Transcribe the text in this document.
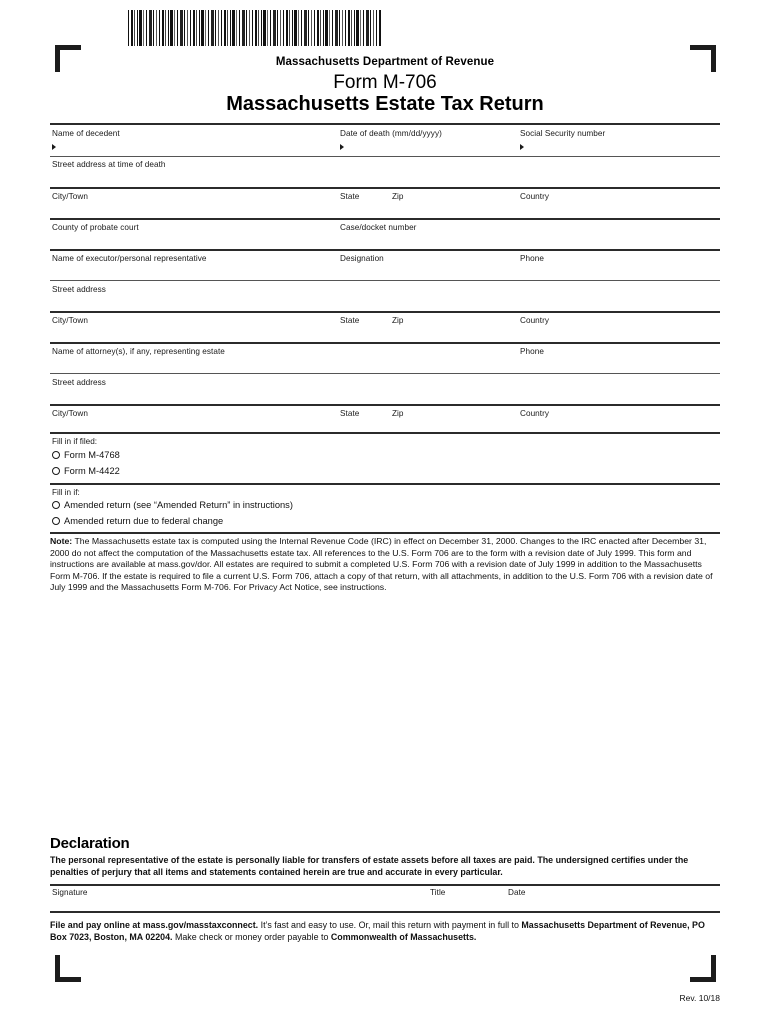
Massachusetts Department of Revenue
Form M-706
Massachusetts Estate Tax Return
Name of decedent	Date of death (mm/dd/yyyy)	Social Security number
Street address at time of death
City/Town	State	Zip	Country
County of probate court	Case/docket number
Name of executor/personal representative	Designation	Phone
Street address
City/Town	State	Zip	Country
Name of attorney(s), if any, representing estate	Phone
Street address
City/Town	State	Zip	Country
Fill in if filed:
Form M-4768
Form M-4422
Fill in if:
Amended return (see “Amended Return” in instructions)
Amended return due to federal change
Note: The Massachusetts estate tax is computed using the Internal Revenue Code (IRC) in effect on December 31, 2000. Changes to the IRC enacted after December 31, 2000 do not affect the computation of the Massachusetts estate tax. All references to the U.S. Form 706 are to the form with a revision date of July 1999. This form and instructions are available at mass.gov/dor. All estates are required to submit a completed U.S. Form 706 with a revision date of July 1999 in addition to the Massachusetts Form M-706. If the estate is required to file a current U.S. Form 706, attach a copy of that return, with all attachments, in addition to the U.S. Form 706 with a revision date of July 1999 and the Massachusetts Form M-706. For Privacy Act Notice, see instructions.
Declaration
The personal representative of the estate is personally liable for transfers of estate assets before all taxes are paid. The undersigned certifies under the penalties of perjury that all items and statements contained herein are true and accurate in every particular.
Signature	Title	Date
File and pay online at mass.gov/masstaxconnect. It’s fast and easy to use. Or, mail this return with payment in full to Massachusetts Department of Revenue, PO Box 7023, Boston, MA 02204. Make check or money order payable to Commonwealth of Massachusetts.
Rev. 10/18
